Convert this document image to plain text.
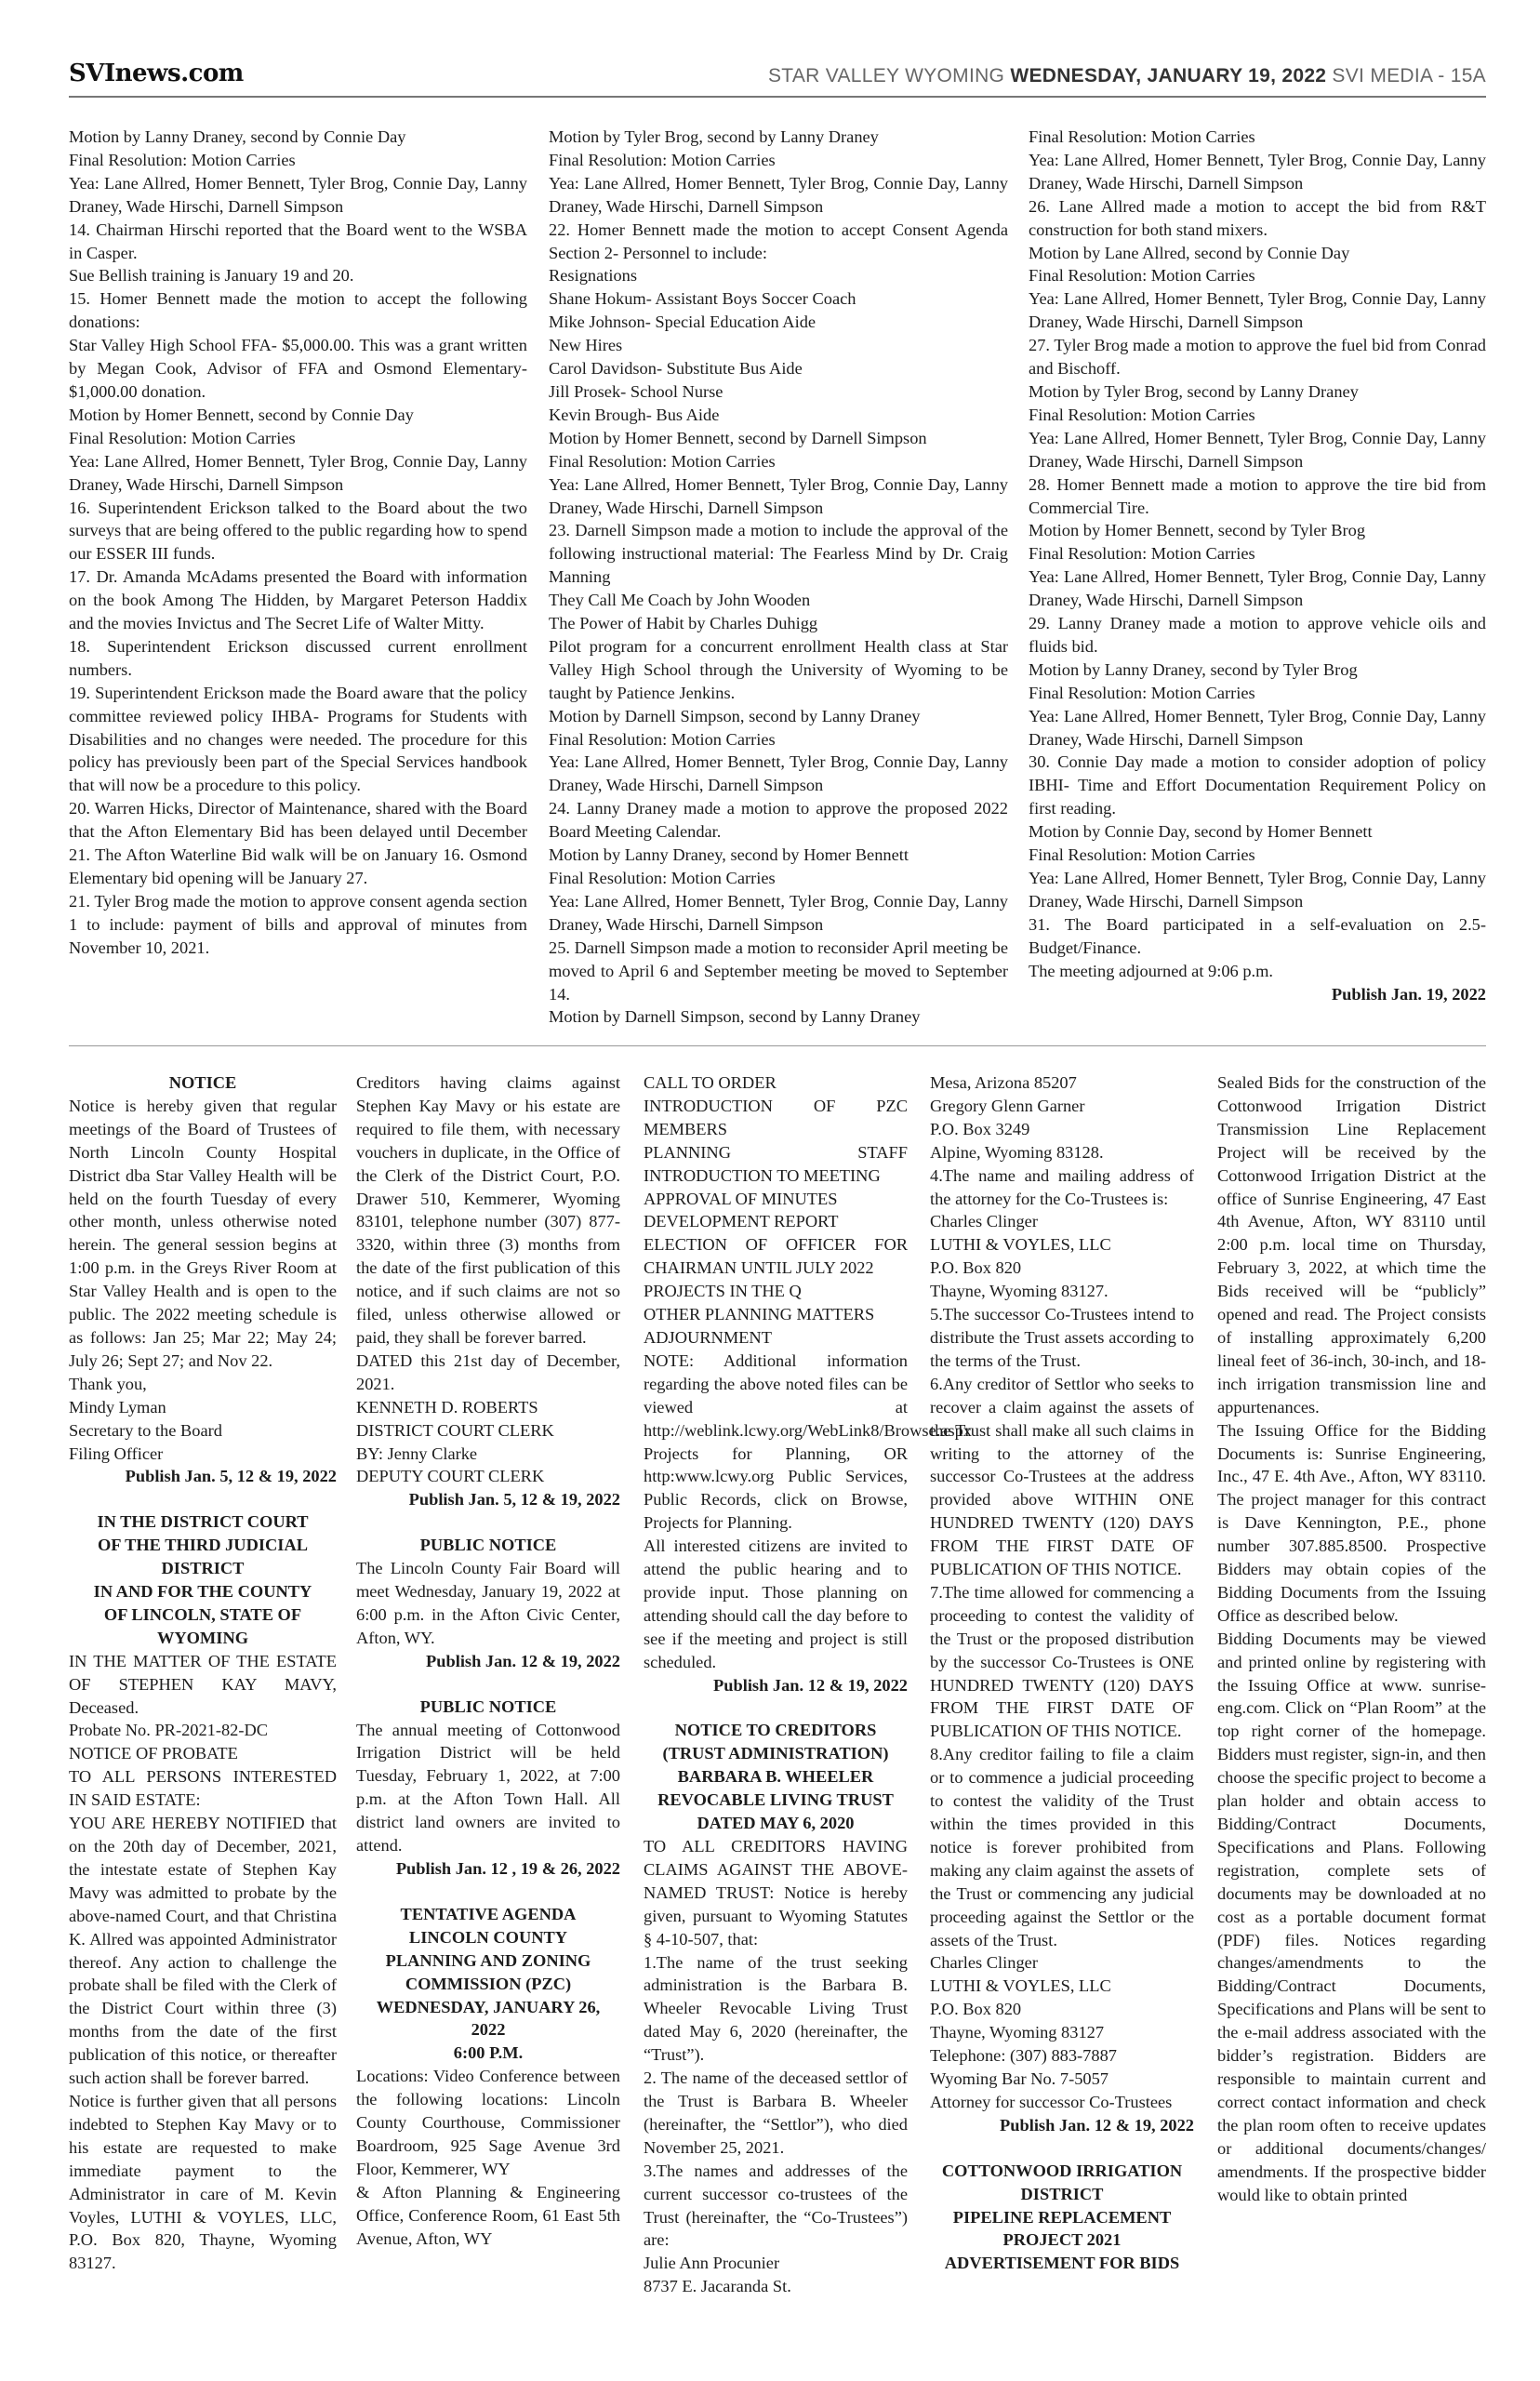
SVInews.com	STAR VALLEY WYOMING WEDNESDAY, JANUARY 19, 2022 SVI MEDIA - 15A

Motion by Lanny Draney, second by Connie Day

Final Resolution: Motion Carries

Yea: Lane Allred, Homer Bennett, Tyler Brog, Connie Day, Lanny Draney, Wade Hirschi, Darnell Simpson

14. Chairman Hirschi reported that the Board went to the WSBA in Casper.

Sue Bellish training is January 19 and 20.

15. Homer Bennett made the motion to accept the following donations:

Star Valley High School FFA- $5,000.00. This was a grant written by Megan Cook, Advisor of FFA and Osmond Elementary- $1,000.00 donation.

Motion by Homer Bennett, second by Connie Day

Final Resolution: Motion Carries

Yea: Lane Allred, Homer Bennett, Tyler Brog, Connie Day, Lanny Draney, Wade Hirschi, Darnell Simpson

16. Superintendent Erickson talked to the Board about the two surveys that are being offered to the public regarding how to spend our ESSER III funds.

17. Dr. Amanda McAdams presented the Board with information on the book Among The Hidden, by Margaret Peterson Haddix and the movies Invictus and The Secret Life of Walter Mitty.

18. Superintendent Erickson discussed current enrollment numbers.

19. Superintendent Erickson made the Board aware that the policy committee reviewed policy IHBA- Programs for Students with Disabilities and no changes were needed. The procedure for this policy has previously been part of the Special Services handbook that will now be a procedure to this policy.

20. Warren Hicks, Director of Maintenance, shared with the Board that the Afton Elementary Bid has been delayed until December 21. The Afton Waterline Bid walk will be on January 16. Osmond Elementary bid opening will be January 27.

21. Tyler Brog made the motion to approve consent agenda section 1 to include: payment of bills and approval of minutes from November 10, 2021.

Motion by Tyler Brog, second by Lanny Draney

Final Resolution: Motion Carries

Yea: Lane Allred, Homer Bennett, Tyler Brog, Connie Day, Lanny Draney, Wade Hirschi, Darnell Simpson

22. Homer Bennett made the motion to accept Consent Agenda Section 2- Personnel to include:

Resignations

Shane Hokum- Assistant Boys Soccer Coach

Mike Johnson- Special Education Aide

New Hires

Carol Davidson- Substitute Bus Aide

Jill Prosek- School Nurse

Kevin Brough- Bus Aide

Motion by Homer Bennett, second by Darnell Simpson

Final Resolution: Motion Carries

Yea: Lane Allred, Homer Bennett, Tyler Brog, Connie Day, Lanny Draney, Wade Hirschi, Darnell Simpson

23. Darnell Simpson made a motion to include the approval of the following instructional material: The Fearless Mind by Dr. Craig Manning

They Call Me Coach by John Wooden

The Power of Habit by Charles Duhigg

Pilot program for a concurrent enrollment Health class at Star Valley High School through the University of Wyoming to be taught by Patience Jenkins.

Motion by Darnell Simpson, second by Lanny Draney

Final Resolution: Motion Carries

Yea: Lane Allred, Homer Bennett, Tyler Brog, Connie Day, Lanny Draney, Wade Hirschi, Darnell Simpson

24. Lanny Draney made a motion to approve the proposed 2022 Board Meeting Calendar.

Motion by Lanny Draney, second by Homer Bennett

Final Resolution: Motion Carries

Yea: Lane Allred, Homer Bennett, Tyler Brog, Connie Day, Lanny Draney, Wade Hirschi, Darnell Simpson

25. Darnell Simpson made a motion to reconsider April meeting be moved to April 6 and September meeting be moved to September 14.

Motion by Darnell Simpson, second by Lanny Draney

Final Resolution: Motion Carries

Yea: Lane Allred, Homer Bennett, Tyler Brog, Connie Day, Lanny Draney, Wade Hirschi, Darnell Simpson

26. Lane Allred made a motion to accept the bid from R&T construction for both stand mixers.

Motion by Lane Allred, second by Connie Day

Final Resolution: Motion Carries

Yea: Lane Allred, Homer Bennett, Tyler Brog, Connie Day, Lanny Draney, Wade Hirschi, Darnell Simpson

27. Tyler Brog made a motion to approve the fuel bid from Conrad and Bischoff.

Motion by Tyler Brog, second by Lanny Draney

Final Resolution: Motion Carries

Yea: Lane Allred, Homer Bennett, Tyler Brog, Connie Day, Lanny Draney, Wade Hirschi, Darnell Simpson

28. Homer Bennett made a motion to approve the tire bid from Commercial Tire.

Motion by Homer Bennett, second by Tyler Brog

Final Resolution: Motion Carries

Yea: Lane Allred, Homer Bennett, Tyler Brog, Connie Day, Lanny Draney, Wade Hirschi, Darnell Simpson

29. Lanny Draney made a motion to approve vehicle oils and fluids bid.

Motion by Lanny Draney, second by Tyler Brog

Final Resolution: Motion Carries

Yea: Lane Allred, Homer Bennett, Tyler Brog, Connie Day, Lanny Draney, Wade Hirschi, Darnell Simpson

30. Connie Day made a motion to consider adoption of policy IBHI- Time and Effort Documentation Requirement Policy on first reading.

Motion by Connie Day, second by Homer Bennett

Final Resolution: Motion Carries

Yea: Lane Allred, Homer Bennett, Tyler Brog, Connie Day, Lanny Draney, Wade Hirschi, Darnell Simpson

31. The Board participated in a self-evaluation on 2.5- Budget/Finance.

The meeting adjourned at 9:06 p.m.

Publish Jan. 19, 2022

NOTICE

Notice is hereby given that regular meetings of the Board of Trustees of North Lincoln County Hospital District dba Star Valley Health will be held on the fourth Tuesday of every other month, unless otherwise noted herein. The general session begins at 1:00 p.m. in the Greys River Room at Star Valley Health and is open to the public. The 2022 meeting schedule is as follows: Jan 25; Mar 22; May 24; July 26; Sept 27; and Nov 22.

Thank you,

Mindy Lyman

Secretary to the Board

Filing Officer

Publish Jan. 5, 12 & 19, 2022

IN THE DISTRICT COURT

OF THE THIRD JUDICIAL

DISTRICT

IN AND FOR THE COUNTY

OF LINCOLN, STATE OF

WYOMING

IN THE MATTER OF THE ESTATE OF STEPHEN KAY MAVY, Deceased.

Probate No. PR-2021-82-DC

NOTICE OF PROBATE

TO ALL PERSONS INTERESTED IN SAID ESTATE:

YOU ARE HEREBY NOTIFIED that on the 20th day of December, 2021, the intestate estate of Stephen Kay Mavy was admitted to probate by the above-named Court, and that Christina K. Allred was appointed Administrator thereof. Any action to challenge the probate shall be filed with the Clerk of the District Court within three (3) months from the date of the first publication of this notice, or thereafter such action shall be forever barred.

Notice is further given that all persons indebted to Stephen Kay Mavy or to his estate are requested to make immediate payment to the Administrator in care of M. Kevin Voyles, LUTHI & VOYLES, LLC, P.O. Box 820, Thayne, Wyoming 83127.

Creditors having claims against Stephen Kay Mavy or his estate are required to file them, with necessary vouchers in duplicate, in the Office of the Clerk of the District Court, P.O. Drawer 510, Kemmerer, Wyoming 83101, telephone number (307) 877-3320, within three (3) months from the date of the first publication of this notice, and if such claims are not so filed, unless otherwise allowed or paid, they shall be forever barred.

DATED this 21st day of December, 2021.

KENNETH D. ROBERTS

DISTRICT COURT CLERK

BY: Jenny Clarke

DEPUTY COURT CLERK

Publish Jan. 5, 12 & 19, 2022

PUBLIC NOTICE

The Lincoln County Fair Board will meet Wednesday, January 19, 2022 at 6:00 p.m. in the Afton Civic Center, Afton, WY.

Publish Jan. 12 & 19, 2022

PUBLIC NOTICE

The annual meeting of Cottonwood Irrigation District will be held Tuesday, February 1, 2022, at 7:00 p.m. at the Afton Town Hall. All district land owners are invited to attend.

Publish Jan. 12 , 19 & 26, 2022

TENTATIVE AGENDA

LINCOLN COUNTY

PLANNING AND ZONING

COMMISSION (PZC)

WEDNESDAY, JANUARY 26,

2022

6:00 P.M.

Locations: Video Conference between the following locations: Lincoln County Courthouse, Commissioner Boardroom, 925 Sage Avenue 3rd Floor, Kemmerer, WY

& Afton Planning & Engineering Office, Conference Room, 61 East 5th Avenue, Afton, WY

CALL TO ORDER

INTRODUCTION OF PZC MEMBERS

PLANNING STAFF INTRODUCTION TO MEETING

APPROVAL OF MINUTES

DEVELOPMENT REPORT

ELECTION OF OFFICER FOR CHAIRMAN UNTIL JULY 2022

PROJECTS IN THE Q

OTHER PLANNING MATTERS

ADJOURNMENT

NOTE: Additional information regarding the above noted files can be viewed at http://weblink.lcwy.org/WebLink8/Browse.aspx Projects for Planning, OR http:www.lcwy.org Public Services, Public Records, click on Browse, Projects for Planning.

All interested citizens are invited to attend the public hearing and to provide input. Those planning on attending should call the day before to see if the meeting and project is still scheduled.

Publish Jan. 12 & 19, 2022

NOTICE TO CREDITORS

(TRUST ADMINISTRATION)

BARBARA B. WHEELER

REVOCABLE LIVING TRUST

DATED MAY 6, 2020

TO ALL CREDITORS HAVING CLAIMS AGAINST THE ABOVE-NAMED TRUST: Notice is hereby given, pursuant to Wyoming Statutes § 4-10-507, that:

1.The name of the trust seeking administration is the Barbara B. Wheeler Revocable Living Trust dated May 6, 2020 (hereinafter, the “Trust”).

2. The name of the deceased settlor of the Trust is Barbara B. Wheeler (hereinafter, the “Settlor”), who died November 25, 2021.

3.The names and addresses of the current successor co-trustees of the Trust (hereinafter, the “Co-Trustees”) are:

Julie Ann Procunier

8737 E. Jacaranda St.

Mesa, Arizona 85207

Gregory Glenn Garner

P.O. Box 3249

Alpine, Wyoming 83128.

4.The name and mailing address of the attorney for the Co-Trustees is:

Charles Clinger

LUTHI & VOYLES, LLC

P.O. Box 820

Thayne, Wyoming 83127.

5.The successor Co-Trustees intend to distribute the Trust assets according to the terms of the Trust.

6.Any creditor of Settlor who seeks to recover a claim against the assets of the Trust shall make all such claims in writing to the attorney of the successor Co-Trustees at the address provided above WITHIN ONE HUNDRED TWENTY (120) DAYS FROM THE FIRST DATE OF PUBLICATION OF THIS NOTICE.

7.The time allowed for commencing a proceeding to contest the validity of the Trust or the proposed distribution by the successor Co-Trustees is ONE HUNDRED TWENTY (120) DAYS FROM THE FIRST DATE OF PUBLICATION OF THIS NOTICE.

8.Any creditor failing to file a claim or to commence a judicial proceeding to contest the validity of the Trust within the times provided in this notice is forever prohibited from making any claim against the assets of the Trust or commencing any judicial proceeding against the Settlor or the assets of the Trust.

Charles Clinger

LUTHI & VOYLES, LLC

P.O. Box 820

Thayne, Wyoming 83127

Telephone: (307) 883-7887

Wyoming Bar No. 7-5057

Attorney for successor Co-Trustees

Publish Jan. 12 & 19, 2022

COTTONWOOD IRRIGATION

DISTRICT

PIPELINE REPLACEMENT

PROJECT 2021

ADVERTISEMENT FOR BIDS

Sealed Bids for the construction of the Cottonwood Irrigation District Transmission Line Replacement Project will be received by the Cottonwood Irrigation District at the office of Sunrise Engineering, 47 East 4th Avenue, Afton, WY 83110 until 2:00 p.m. local time on Thursday, February 3, 2022, at which time the Bids received will be “publicly” opened and read. The Project consists of installing approximately 6,200 lineal feet of 36-inch, 30-inch, and 18-inch irrigation transmission line and appurtenances.

The Issuing Office for the Bidding Documents is: Sunrise Engineering, Inc., 47 E. 4th Ave., Afton, WY 83110. The project manager for this contract is Dave Kennington, P.E., phone number 307.885.8500. Prospective Bidders may obtain copies of the Bidding Documents from the Issuing Office as described below.

Bidding Documents may be viewed and printed online by registering with the Issuing Office at www. sunrise-eng.com. Click on “Plan Room” at the top right corner of the homepage. Bidders must register, sign-in, and then choose the specific project to become a plan holder and obtain access to Bidding/Contract Documents, Specifications and Plans. Following registration, complete sets of documents may be downloaded at no cost as a portable document format (PDF) files. Notices regarding changes/amendments to the Bidding/Contract Documents, Specifications and Plans will be sent to the e-mail address associated with the bidder’s registration. Bidders are responsible to maintain current and correct contact information and check the plan room often to receive updates or additional documents/changes/ amendments. If the prospective bidder would like to obtain printed
